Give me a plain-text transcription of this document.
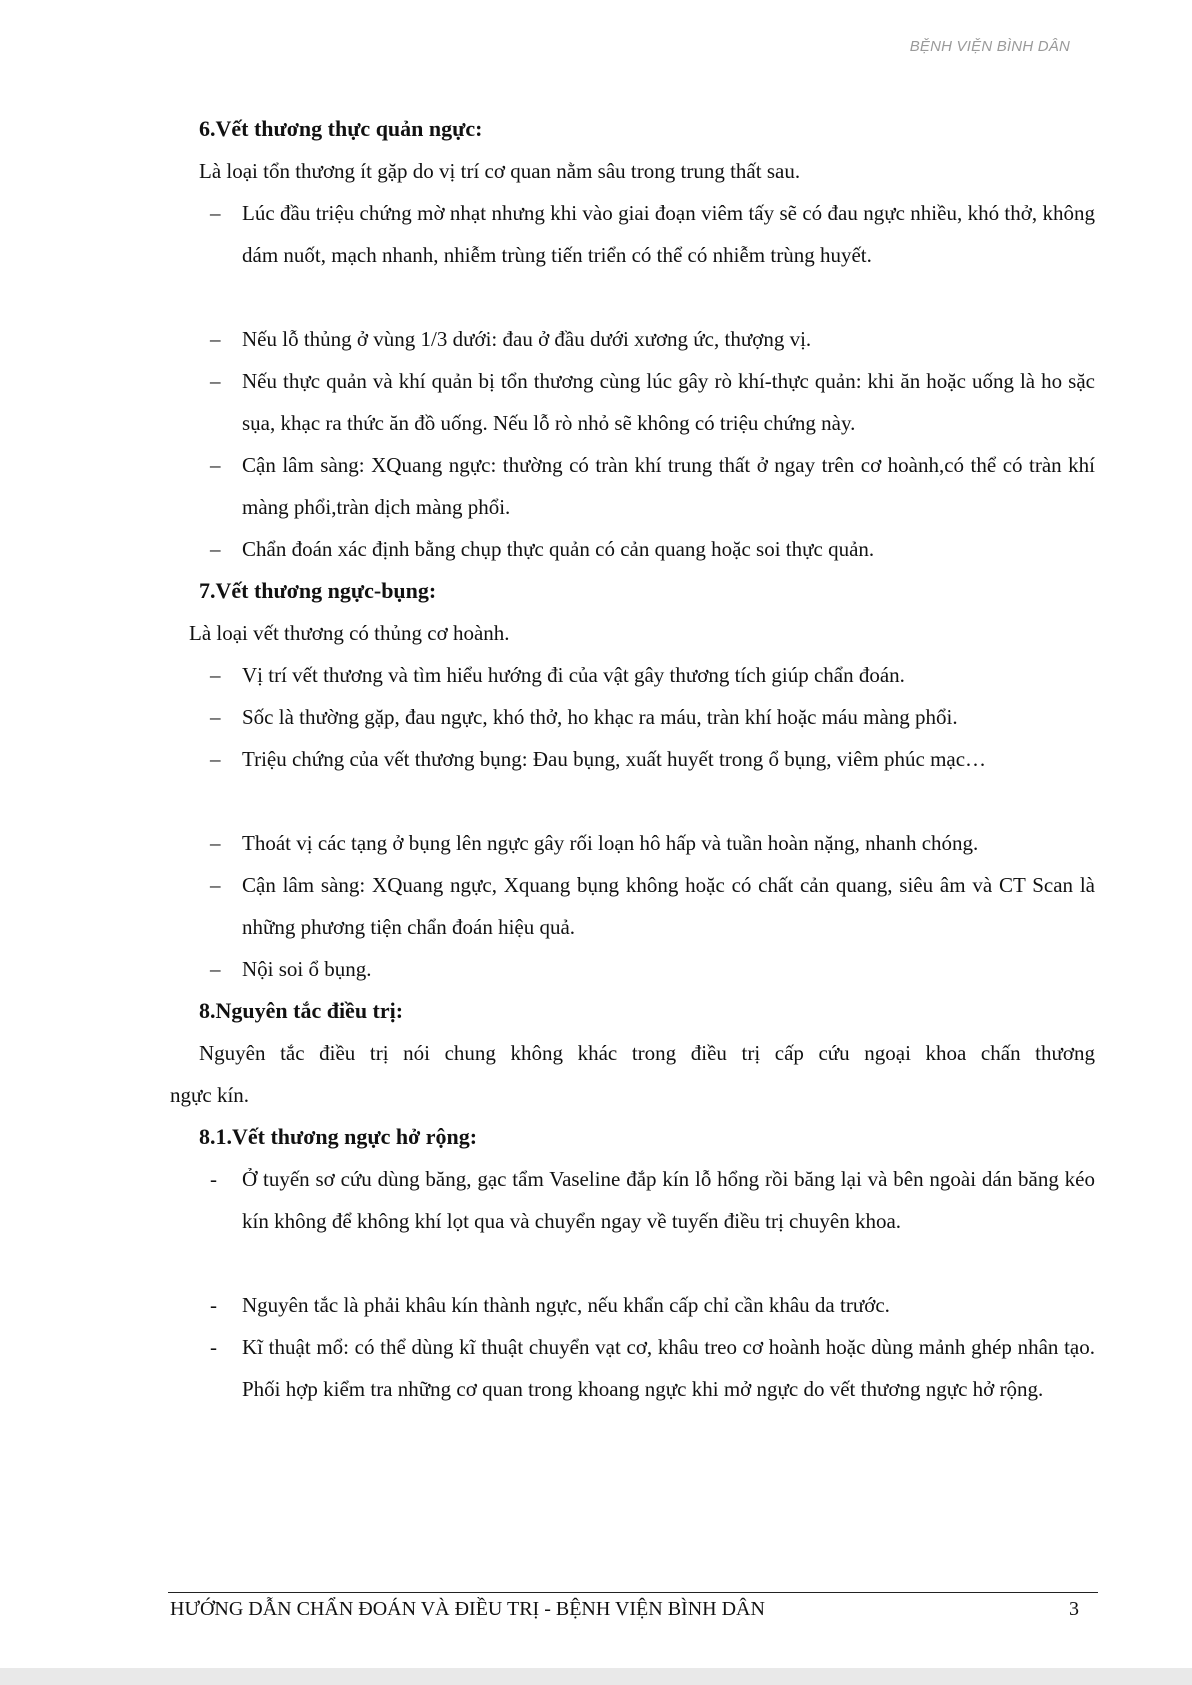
BỆNH VIỆN BÌNH DÂN
6.Vết thương thực quản ngực:
Là loại tổn thương ít gặp do vị trí cơ quan nằm sâu trong trung thất sau.
–	Lúc đầu triệu chứng mờ nhạt nhưng khi vào giai đoạn viêm tấy sẽ có đau ngực nhiều, khó thở, không dám nuốt, mạch nhanh, nhiễm trùng tiến triển có thể có nhiễm trùng huyết.
–	Nếu lỗ thủng ở vùng 1/3 dưới: đau ở đầu dưới xương ức, thượng vị.
–	Nếu thực quản và khí quản bị tổn thương cùng lúc gây rò khí-thực quản: khi ăn hoặc uống là ho sặc sụa, khạc ra thức ăn đồ uống. Nếu lỗ rò nhỏ sẽ không có triệu chứng này.
–	Cận lâm sàng: XQuang ngực: thường có tràn khí trung thất ở ngay trên cơ hoành,có thể có tràn khí màng phổi,tràn dịch màng phổi.
–	Chẩn đoán xác định bằng chụp thực quản có cản quang hoặc soi thực quản.
7.Vết thương ngực-bụng:
Là loại vết thương có thủng cơ hoành.
–	Vị trí vết thương và tìm hiểu hướng đi của vật gây thương tích giúp chẩn đoán.
–	Sốc là thường gặp, đau ngực, khó thở, ho khạc ra máu, tràn khí hoặc máu màng phổi.
–	Triệu chứng của vết thương bụng: Đau bụng, xuất huyết trong ổ bụng, viêm phúc mạc…
–	Thoát vị các tạng ở bụng lên ngực gây rối loạn hô hấp và tuần hoàn nặng, nhanh chóng.
–	Cận lâm sàng: XQuang ngực, Xquang bụng không hoặc có chất cản quang, siêu âm và CT Scan là những phương tiện chẩn đoán hiệu quả.
–	Nội soi ổ bụng.
8.Nguyên tắc điều trị:
Nguyên tắc điều trị nói chung không khác trong điều trị cấp cứu ngoại khoa chấn thương
ngực kín.
8.1.Vết thương ngực hở rộng:
-	Ở tuyến sơ cứu dùng băng, gạc tẩm Vaseline đắp kín lỗ hổng rồi băng lại và bên ngoài dán băng kéo kín không để không khí lọt qua và chuyển ngay về tuyến điều trị chuyên khoa.
-	Nguyên tắc là phải khâu kín thành ngực, nếu khẩn cấp chỉ cần khâu da trước.
-	Kĩ thuật mổ: có thể dùng kĩ thuật chuyển vạt cơ, khâu treo cơ hoành hoặc dùng mảnh ghép nhân tạo. Phối hợp kiểm tra những cơ quan trong khoang ngực khi mở ngực do vết thương ngực hở rộng.
HƯỚNG DẪN CHẨN ĐOÁN VÀ ĐIỀU TRỊ - BỆNH VIỆN BÌNH DÂN	3
